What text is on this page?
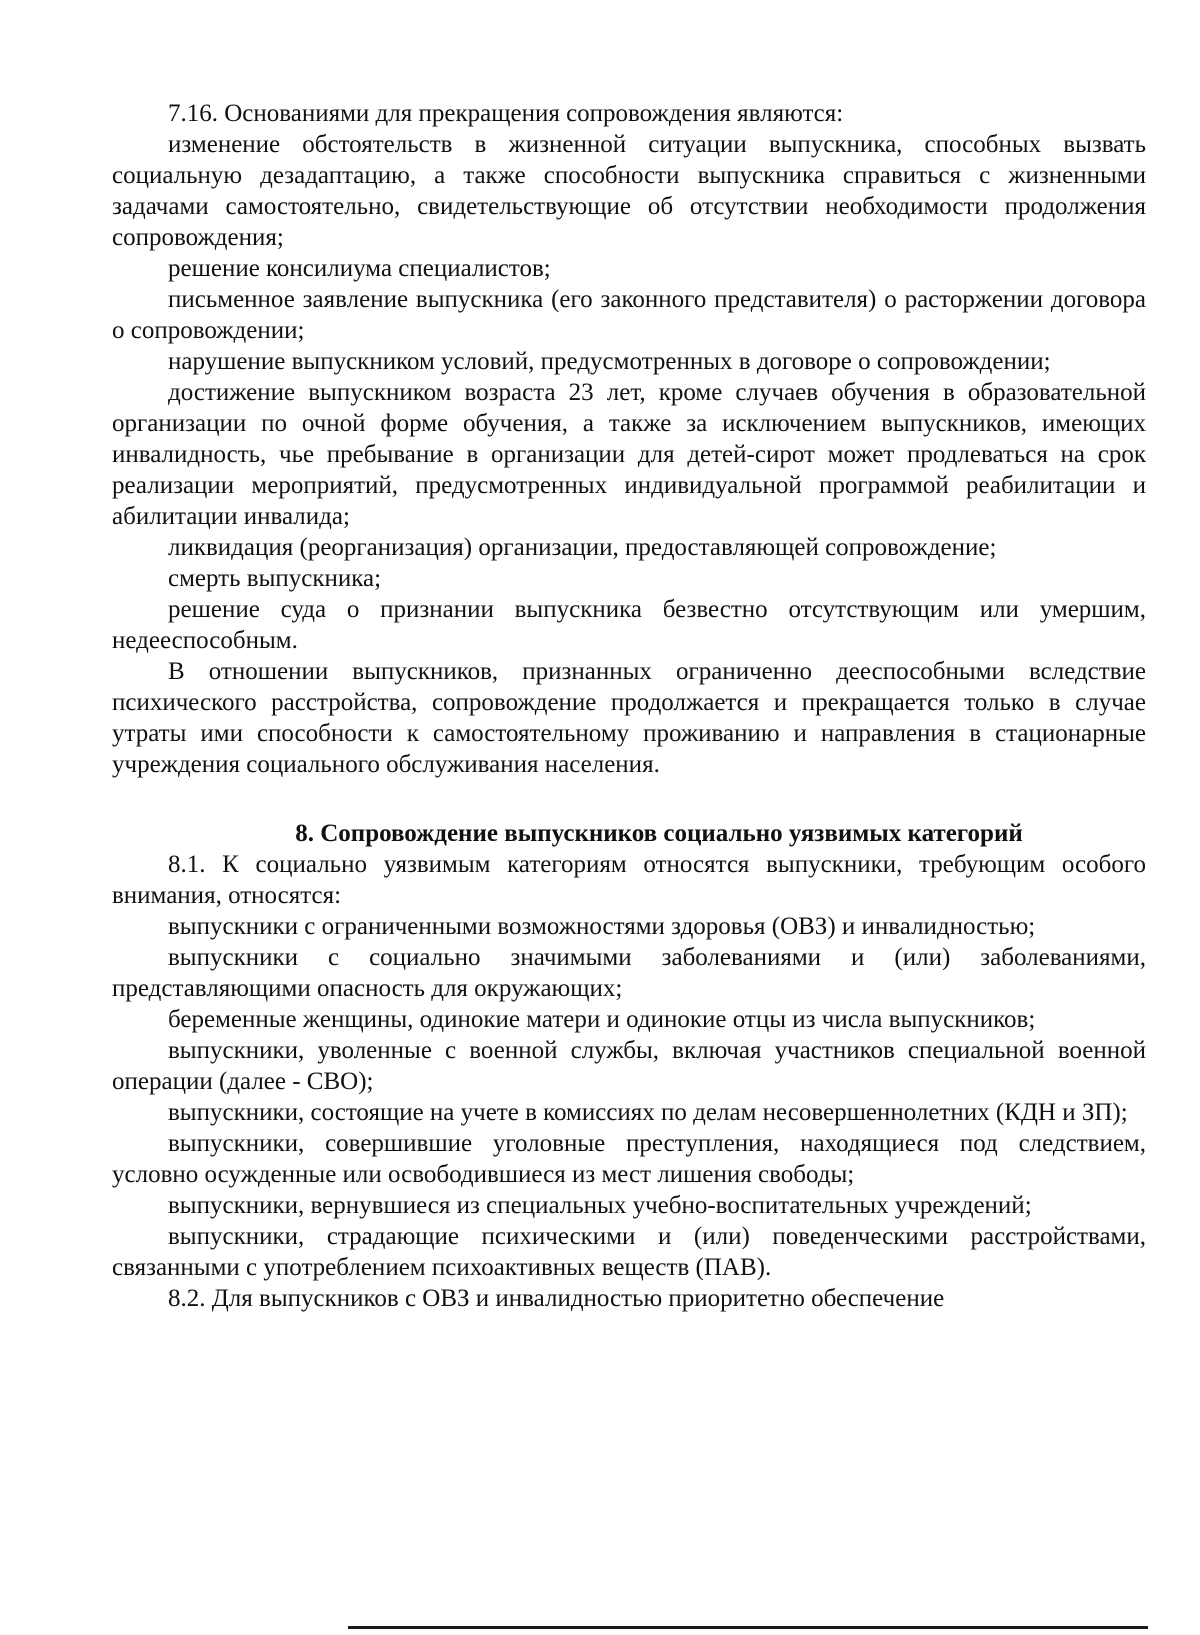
7.16. Основаниями для прекращения сопровождения являются:

изменение обстоятельств в жизненной ситуации выпускника, способных вызвать социальную дезадаптацию, а также способности выпускника справиться с жизненными задачами самостоятельно, свидетельствующие об отсутствии необходимости продолжения сопровождения;

решение консилиума специалистов;

письменное заявление выпускника (его законного представителя) о расторжении договора о сопровождении;

нарушение выпускником условий, предусмотренных в договоре о сопровождении;

достижение выпускником возраста 23 лет, кроме случаев обучения в образовательной организации по очной форме обучения, а также за исключением выпускников, имеющих инвалидность, чье пребывание в организации для детей-сирот может продлеваться на срок реализации мероприятий, предусмотренных индивидуальной программой реабилитации и абилитации инвалида;

ликвидация (реорганизация) организации, предоставляющей сопровождение;

смерть выпускника;

решение суда о признании выпускника безвестно отсутствующим или умершим, недееспособным.

В отношении выпускников, признанных ограниченно дееспособными вследствие психического расстройства, сопровождение продолжается и прекращается только в случае утраты ими способности к самостоятельному проживанию и направления в стационарные учреждения социального обслуживания населения.

8. Сопровождение выпускников социально уязвимых категорий

8.1. К социально уязвимым категориям относятся выпускники, требующим особого внимания, относятся:

выпускники с ограниченными возможностями здоровья (ОВЗ) и инвалидностью;

выпускники с социально значимыми заболеваниями и (или) заболеваниями, представляющими опасность для окружающих;

беременные женщины, одинокие матери и одинокие отцы из числа выпускников;

выпускники, уволенные с военной службы, включая участников специальной военной операции (далее - СВО);

выпускники, состоящие на учете в комиссиях по делам несовершеннолетних (КДН и ЗП);

выпускники, совершившие уголовные преступления, находящиеся под следствием, условно осужденные или освободившиеся из мест лишения свободы;

выпускники, вернувшиеся из специальных учебно-воспитательных учреждений;

выпускники, страдающие психическими и (или) поведенческими расстройствами, связанными с употреблением психоактивных веществ (ПАВ).

8.2. Для выпускников с ОВЗ и инвалидностью приоритетно обеспечение
